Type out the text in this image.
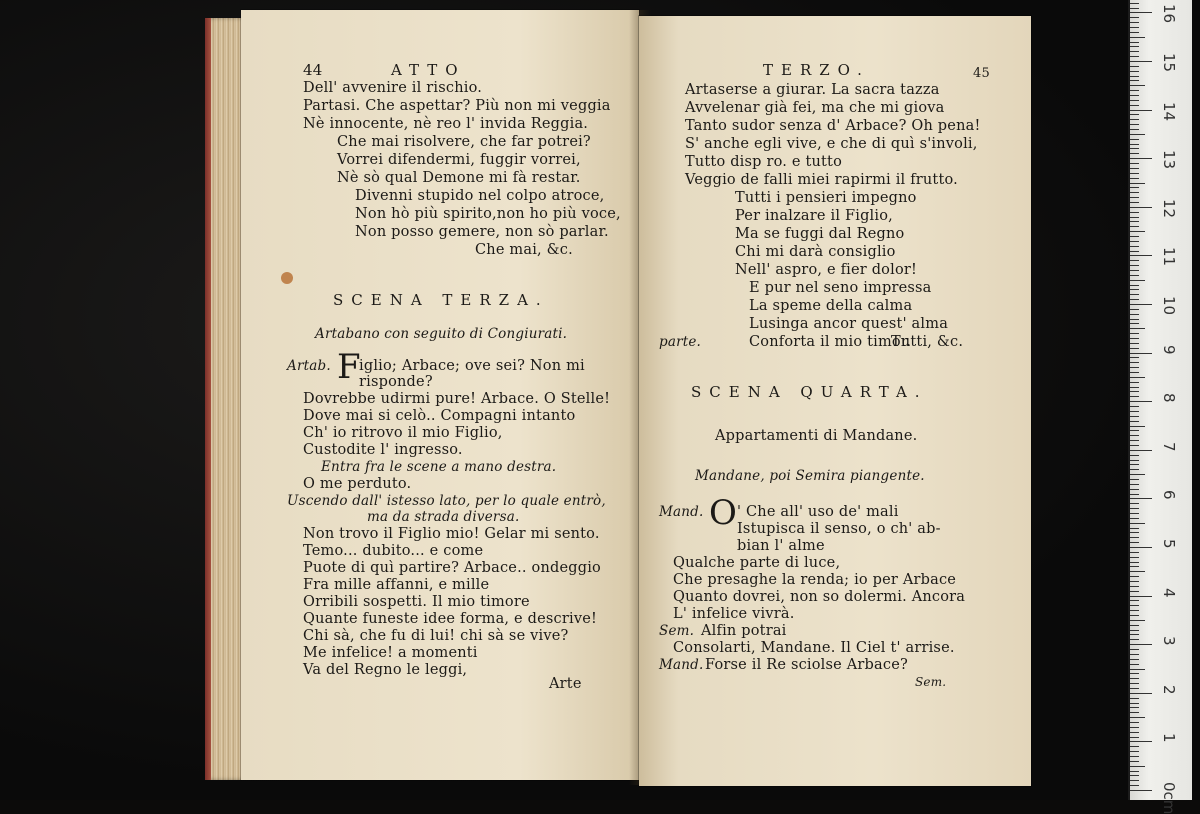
44	ATTO
Dell' avvenire il rischio.
Partasi. Che aspettar? Più non mi veggia
Nè innocente, nè reo l' invida Reggia.
Che mai risolvere, che far potrei?
Vorrei difendermi, fuggir vorrei,
Nè sò qual Demone mi fà restar.
Divenni stupido nel colpo atroce,
Non hò più spirito,non ho più voce,
Non posso gemere, non sò parlar.
Che mai, &c.
SCENA TERZA.
Artabano con seguito di Congiurati.
Artab. F
iglio; Arbace; ove sei? Non mi
risponde?
Dovrebbe udirmi pure! Arbace. O Stelle!
Dove mai si celò.. Compagni intanto
Ch' io ritrovo il mio Figlio,
Custodite l' ingresso.
Entra fra le scene a mano destra.
O me perduto.
Uscendo dall' istesso lato, per lo quale entrò,
ma da strada diversa.
Non trovo il Figlio mio! Gelar mi sento.
Temo... dubito... e come
Puote di quì partire? Arbace.. ondeggio
Fra mille affanni, e mille
Orribili sospetti. Il mio timore
Quante funeste idee forma, e descrive!
Chi sà, che fu di lui! chi sà se vive?
Me infelice! a momenti
Va del Regno le leggi,
Arte
TERZO.	45
Artaserse a giurar. La sacra tazza
Avvelenar già fei, ma che mi giova
Tanto sudor senza d' Arbace? Oh pena!
S' anche egli vive, e che di quì s'involi,
Tutto disp ro. e tutto
Veggio de falli miei rapirmi il frutto.
Tutti i pensieri impegno
Per inalzare il Figlio,
Ma se fuggi dal Regno
Chi mi darà consiglio
Nell' aspro, e fier dolor!
E pur nel seno impressa
La speme della calma
Lusinga ancor quest' alma
Conforta il mio timor.
parte.	Tutti, &c.
SCENA QUARTA.
Appartamenti di Mandane.
Mandane, poi Semira piangente.
Mand. O ' Che all' uso de' mali
Istupisca il senso, o ch' ab-
bian l' alme
Qualche parte di luce,
Che presaghe la renda; io per Arbace
Quanto dovrei, non so dolermi. Ancora
L' infelice vivrà.
Sem. Alfin potrai
Consolarti, Mandane. Il Ciel t' arrise.
Mand. Forse il Re sciolse Arbace?
Sem.
0cm
1
2
3
4
5
6
7
8
9
10
11
12
13
14
15
16
